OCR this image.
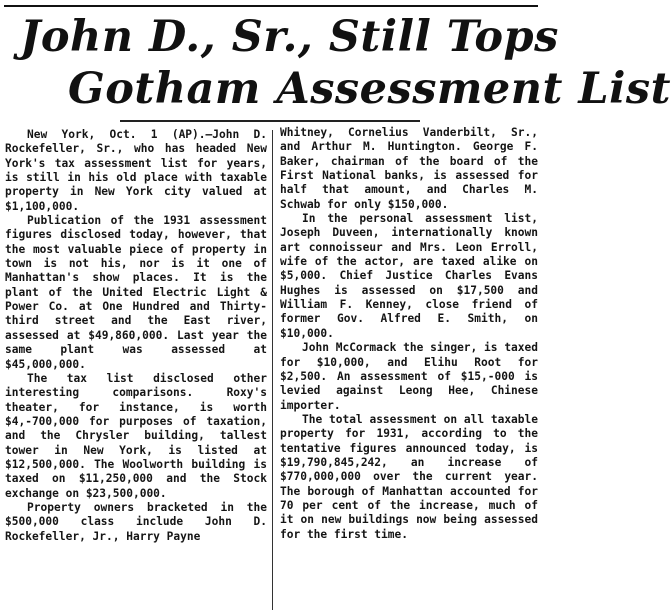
John D., Sr., Still Tops
Gotham Assessment List

New York, Oct. 1 (AP).—John D. Rockefeller, Sr., who has headed New York's tax assessment list for years, is still in his old place with taxable property in New York city valued at $1,100,000.

Publication of the 1931 assessment figures disclosed today, however, that the most valuable piece of property in town is not his, nor is it one of Manhattan's show places. It is the plant of the United Electric Light & Power Co. at One Hundred and Thirty-third street and the East river, assessed at $49,860,000. Last year the same plant was assessed at $45,000,000.

The tax list disclosed other interesting comparisons. Roxy's theater, for instance, is worth $4,-700,000 for purposes of taxation, and the Chrysler building, tallest tower in New York, is listed at $12,500,000. The Woolworth building is taxed on $11,250,000 and the Stock exchange on $23,500,000.

Property owners bracketed in the $500,000 class include John D. Rockefeller, Jr., Harry Payne

Whitney, Cornelius Vanderbilt, Sr., and Arthur M. Huntington. George F. Baker, chairman of the board of the First National banks, is assessed for half that amount, and Charles M. Schwab for only $150,000.

In the personal assessment list, Joseph Duveen, internationally known art connoisseur and Mrs. Leon Erroll, wife of the actor, are taxed alike on $5,000. Chief Justice Charles Evans Hughes is assessed on $17,500 and William F. Kenney, close friend of former Gov. Alfred E. Smith, on $10,000.

John McCormack the singer, is taxed for $10,000, and Elihu Root for $2,500. An assessment of $15,-000 is levied against Leong Hee, Chinese importer.

The total assessment on all taxable property for 1931, according to the tentative figures announced today, is $19,790,845,242, an increase of $770,000,000 over the current year. The borough of Manhattan accounted for 70 per cent of the increase, much of it on new buildings now being assessed for the first time.
